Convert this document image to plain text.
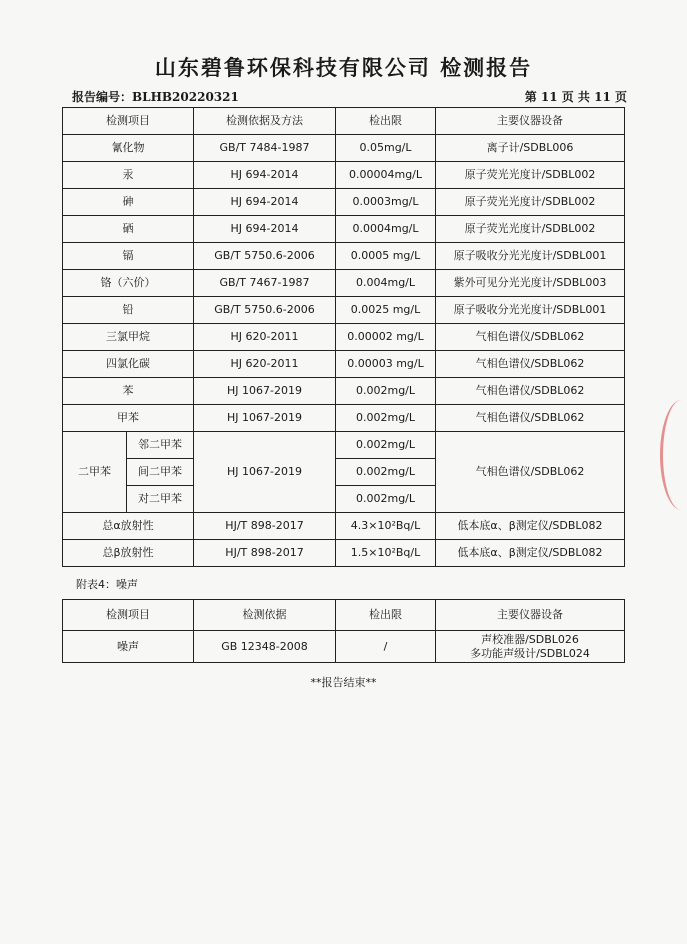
山东碧鲁环保科技有限公司 检测报告
报告编号：BLHB20220321	第 11 页 共 11 页
检测项目		检测依据及方法	检出限	主要仪器设备
氰化物		GB/T 7484-1987	0.05mg/L	离子计/SDBL006
汞		HJ 694-2014	0.00004mg/L	原子荧光光度计/SDBL002
砷		HJ 694-2014	0.0003mg/L	原子荧光光度计/SDBL002
硒		HJ 694-2014	0.0004mg/L	原子荧光光度计/SDBL002
镉		GB/T 5750.6-2006	0.0005 mg/L	原子吸收分光光度计/SDBL001
铬（六价）		GB/T 7467-1987	0.004mg/L	紫外可见分光光度计/SDBL003
铅		GB/T 5750.6-2006	0.0025 mg/L	原子吸收分光光度计/SDBL001
三氯甲烷		HJ 620-2011	0.00002 mg/L	气相色谱仪/SDBL062
四氯化碳		HJ 620-2011	0.00003 mg/L	气相色谱仪/SDBL062
苯		HJ 1067-2019	0.002mg/L	气相色谱仪/SDBL062
甲苯		HJ 1067-2019	0.002mg/L	气相色谱仪/SDBL062
二甲苯	邻二甲苯	HJ 1067-2019	0.002mg/L	气相色谱仪/SDBL062
	间二甲苯		0.002mg/L	
	对二甲苯		0.002mg/L	
总α放射性		HJ/T 898-2017	4.3×10²Bq/L	低本底α、β测定仪/SDBL082
总β放射性		HJ/T 898-2017	1.5×10²Bq/L	低本底α、β测定仪/SDBL082
附表4：噪声
检测项目	检测依据	检出限	主要仪器设备
噪声	GB 12348-2008	/	声校准器/SDBL026
多功能声级计/SDBL024
**报告结束**
